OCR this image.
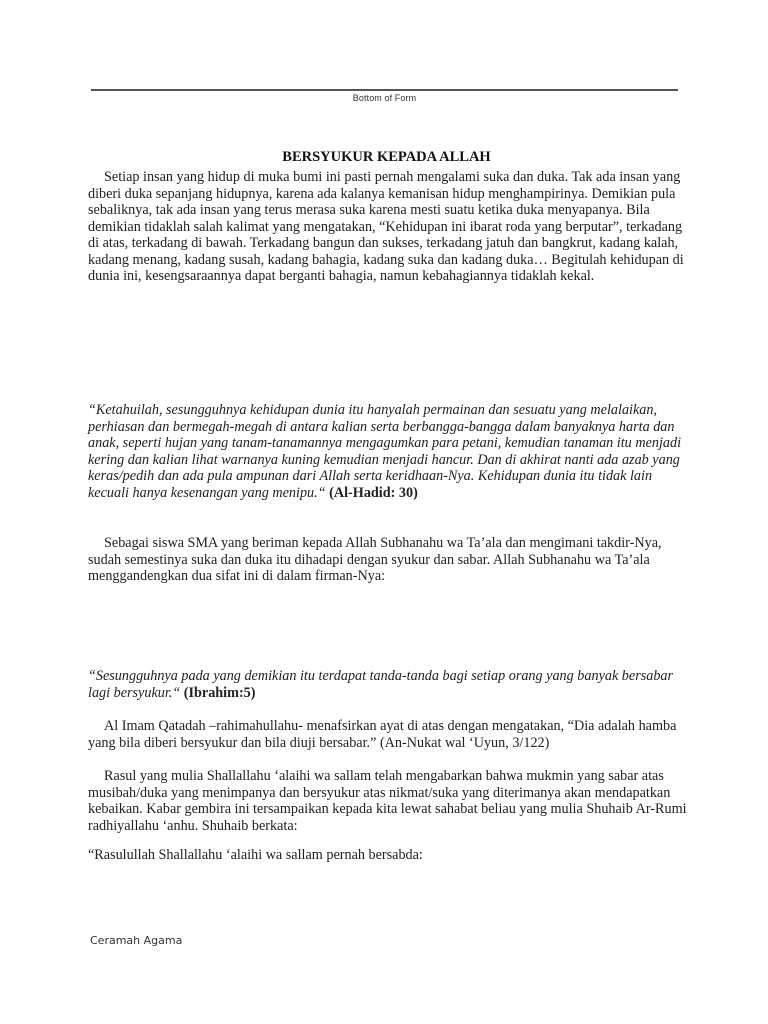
Bottom of Form
BERSYUKUR KEPADA ALLAH

Setiap insan yang hidup di muka bumi ini pasti pernah mengalami suka dan duka. Tak ada insan yang diberi duka sepanjang hidupnya, karena ada kalanya kemanisan hidup menghampirinya. Demikian pula sebaliknya, tak ada insan yang terus merasa suka karena mesti suatu ketika duka menyapanya. Bila demikian tidaklah salah kalimat yang mengatakan, “Kehidupan ini ibarat roda yang berputar”, terkadang di atas, terkadang di bawah. Terkadang bangun dan sukses, terkadang jatuh dan bangkrut, kadang kalah, kadang menang, kadang susah, kadang bahagia, kadang suka dan kadang duka… Begitulah kehidupan di dunia ini, kesengsaraannya dapat berganti bahagia, namun kebahagiannya tidaklah kekal.

“Ketahuilah, sesungguhnya kehidupan dunia itu hanyalah permainan dan sesuatu yang melalaikan, perhiasan dan bermegah-megah di antara kalian serta berbangga-bangga dalam banyaknya harta dan anak, seperti hujan yang tanam-tanamannya mengagumkan para petani, kemudian tanaman itu menjadi kering dan kalian lihat warnanya kuning kemudian menjadi hancur. Dan di akhirat nanti ada azab yang keras/pedih dan ada pula ampunan dari Allah serta keridhaan-Nya. Kehidupan dunia itu tidak lain kecuali hanya kesenangan yang menipu.“ (Al-Hadid: 30)

Sebagai siswa SMA yang beriman kepada Allah Subhanahu wa Ta’ala dan mengimani takdir-Nya, sudah semestinya suka dan duka itu dihadapi dengan syukur dan sabar. Allah Subhanahu wa Ta’ala menggandengkan dua sifat ini di dalam firman-Nya:

“Sesungguhnya pada yang demikian itu terdapat tanda-tanda bagi setiap orang yang banyak bersabar lagi bersyukur.“ (Ibrahim:5)

Al Imam Qatadah –rahimahullahu- menafsirkan ayat di atas dengan mengatakan, “Dia adalah hamba yang bila diberi bersyukur dan bila diuji bersabar.” (An-Nukat wal ‘Uyun, 3/122)

Rasul yang mulia Shallallahu ‘alaihi wa sallam telah mengabarkan bahwa mukmin yang sabar atas musibah/duka yang menimpanya dan bersyukur atas nikmat/suka yang diterimanya akan mendapatkan kebaikan. Kabar gembira ini tersampaikan kepada kita lewat sahabat beliau yang mulia Shuhaib Ar-Rumi radhiyallahu ‘anhu. Shuhaib berkata:

“Rasulullah Shallallahu ‘alaihi wa sallam pernah bersabda:

Ceramah Agama
